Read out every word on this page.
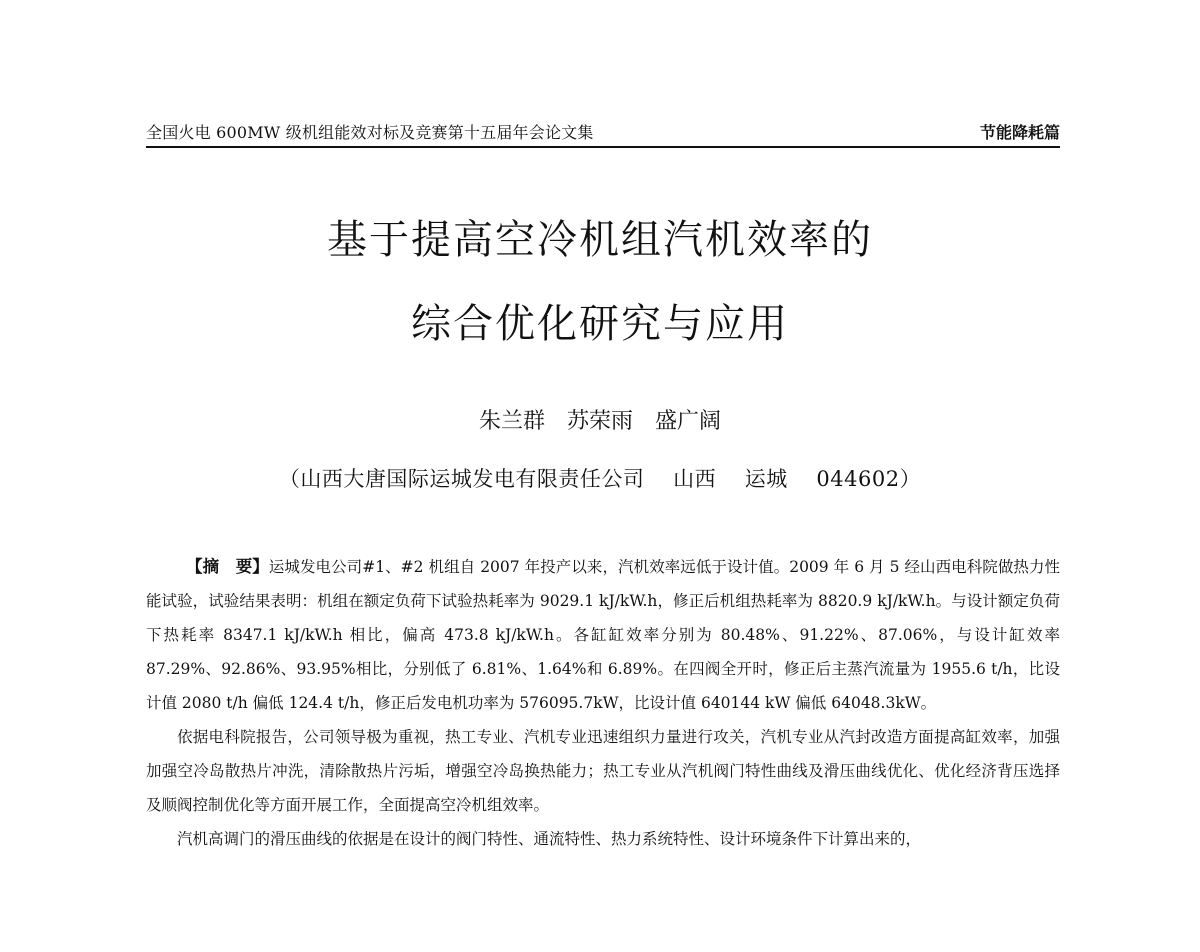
全国火电 600MW 级机组能效对标及竞赛第十五届年会论文集	节能降耗篇
基于提高空冷机组汽机效率的
综合优化研究与应用
朱兰群　苏荣雨　盛广阔
（山西大唐国际运城发电有限责任公司　 山西　 运城　 044602）

【摘　要】运城发电公司#1、#2 机组自 2007 年投产以来，汽机效率远低于设计值。2009 年 6 月 5 经山西电科院做热力性能试验，试验结果表明：机组在额定负荷下试验热耗率为 9029.1 kJ/kW.h，修正后机组热耗率为 8820.9 kJ/kW.h。与设计额定负荷下热耗率 8347.1 kJ/kW.h 相比，偏高 473.8 kJ/kW.h。各缸缸效率分别为 80.48%、91.22%、87.06%，与设计缸效率 87.29%、92.86%、93.95%相比，分别低了 6.81%、1.64%和 6.89%。在四阀全开时，修正后主蒸汽流量为 1955.6 t/h，比设计值 2080 t/h 偏低 124.4 t/h，修正后发电机功率为 576095.7kW，比设计值 640144 kW 偏低 64048.3kW。

依据电科院报告，公司领导极为重视，热工专业、汽机专业迅速组织力量进行攻关，汽机专业从汽封改造方面提高缸效率，加强加强空冷岛散热片冲洗，清除散热片污垢，增强空冷岛换热能力；热工专业从汽机阀门特性曲线及滑压曲线优化、优化经济背压选择及顺阀控制优化等方面开展工作，全面提高空冷机组效率。

汽机高调门的滑压曲线的依据是在设计的阀门特性、通流特性、热力系统特性、设计环境条件下计算出来的，
